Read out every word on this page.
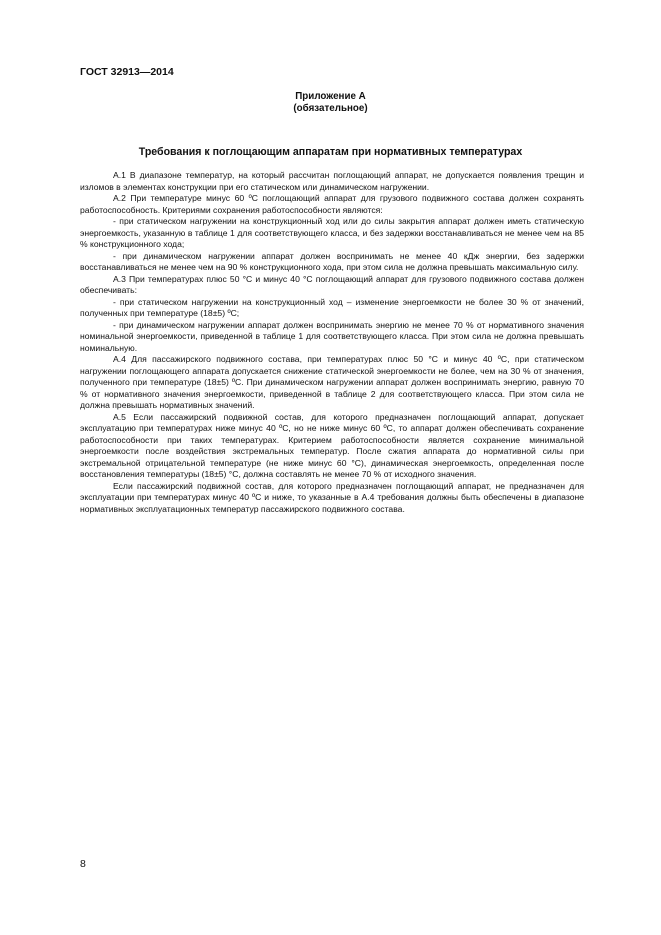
ГОСТ 32913—2014
Приложение А
(обязательное)
Требования к поглощающим аппаратам при нормативных температурах

А.1 В диапазоне температур, на который рассчитан поглощающий аппарат, не допускается появления трещин и изломов в элементах конструкции при его статическом или динамическом нагружении.

А.2 При температуре минус 60 ºС поглощающий аппарат для грузового подвижного состава должен сохранять работоспособность. Критериями сохранения работоспособности являются:

- при статическом нагружении на конструкционный ход или до силы закрытия аппарат должен иметь статическую энергоемкость, указанную в таблице 1 для соответствующего класса, и без задержки восстанавливаться не менее чем на 85 % конструкционного хода;

- при динамическом нагружении аппарат должен воспринимать не менее 40 кДж энергии, без задержки восстанавливаться не менее чем на 90 % конструкционного хода, при этом сила не должна превышать максимальную силу.

А.3 При температурах плюс 50 °С и минус 40 °С поглощающий аппарат для грузового подвижного состава должен обеспечивать:

- при статическом нагружении на конструкционный ход – изменение энергоемкости не более 30 % от значений, полученных при температуре (18±5) ºС;

- при динамическом нагружении аппарат должен воспринимать энергию не менее 70 % от нормативного значения номинальной энергоемкости, приведенной в таблице 1 для соответствующего класса. При этом сила не должна превышать номинальную.

А.4 Для пассажирского подвижного состава, при температурах плюс 50 °С и минус 40 ºС, при статическом нагружении поглощающего аппарата допускается снижение статической энергоемкости не более, чем на 30 % от значения, полученного при температуре (18±5) ºС. При динамическом нагружении аппарат должен воспринимать энергию, равную 70 % от нормативного значения энергоемкости, приведенной в таблице 2 для соответствующего класса. При этом сила не должна превышать нормативных значений.

А.5 Если пассажирский подвижной состав, для которого предназначен поглощающий аппарат, допускает эксплуатацию при температурах ниже минус 40 ºС, но не ниже минус 60 ºС, то аппарат должен обеспечивать сохранение работоспособности при таких температурах. Критерием работоспособности является сохранение минимальной энергоемкости после воздействия экстремальных температур. После сжатия аппарата до нормативной силы при экстремальной отрицательной температуре (не ниже минус 60 °С), динамическая энергоемкость, определенная после восстановления температуры (18±5) °С, должна составлять не менее 70 % от исходного значения.

Если пассажирский подвижной состав, для которого предназначен поглощающий аппарат, не предназначен для эксплуатации при температурах минус 40 ºС и ниже, то указанные в А.4 требования должны быть обеспечены в диапазоне нормативных эксплуатационных температур пассажирского подвижного состава.

8
